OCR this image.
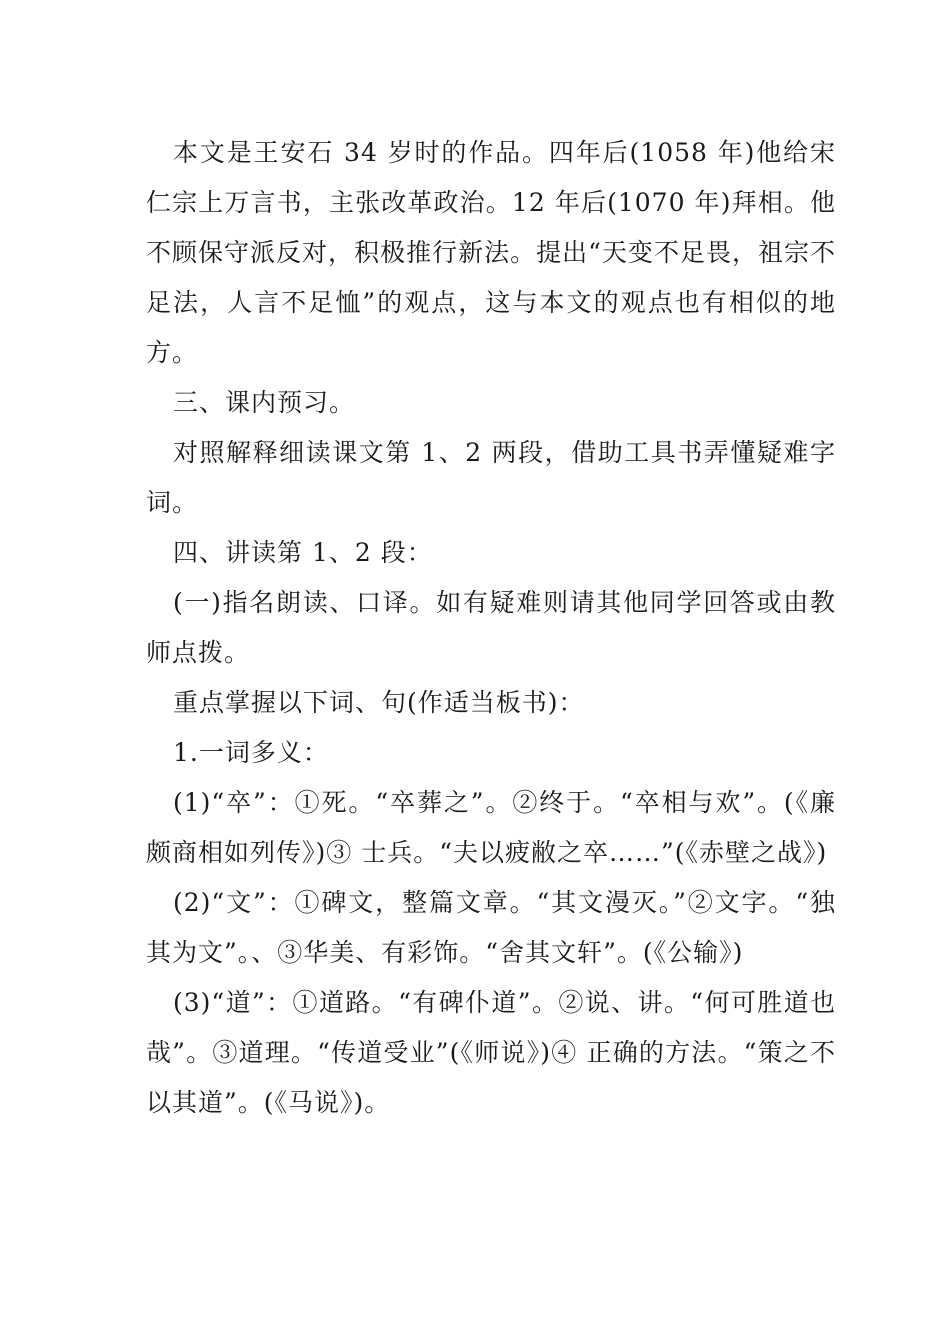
本文是王安石 34 岁时的作品。四年后(1058 年)他给宋仁宗上万言书，主张改革政治。12 年后(1070 年)拜相。他不顾保守派反对，积极推行新法。提出“天变不足畏，祖宗不足法，人言不足恤”的观点，这与本文的观点也有相似的地方。

三、课内预习。

对照解释细读课文第 1、2 两段，借助工具书弄懂疑难字词。

四、讲读第 1、2 段：

(一)指名朗读、口译。如有疑难则请其他同学回答或由教师点拨。

重点掌握以下词、句(作适当板书)：

1.一词多义：

(1)“卒”：①死。“卒葬之”。②终于。“卒相与欢”。(《廉颇商相如列传》)③ 士兵。“夫以疲敝之卒……”(《赤壁之战》)

(2)“文”：①碑文，整篇文章。“其文漫灭。”②文字。“独其为文”。、③华美、有彩饰。“舍其文轩”。(《公输》)

(3)“道”：①道路。“有碑仆道”。②说、讲。“何可胜道也哉”。③道理。“传道受业”(《师说》)④ 正确的方法。“策之不以其道”。(《马说》)。
